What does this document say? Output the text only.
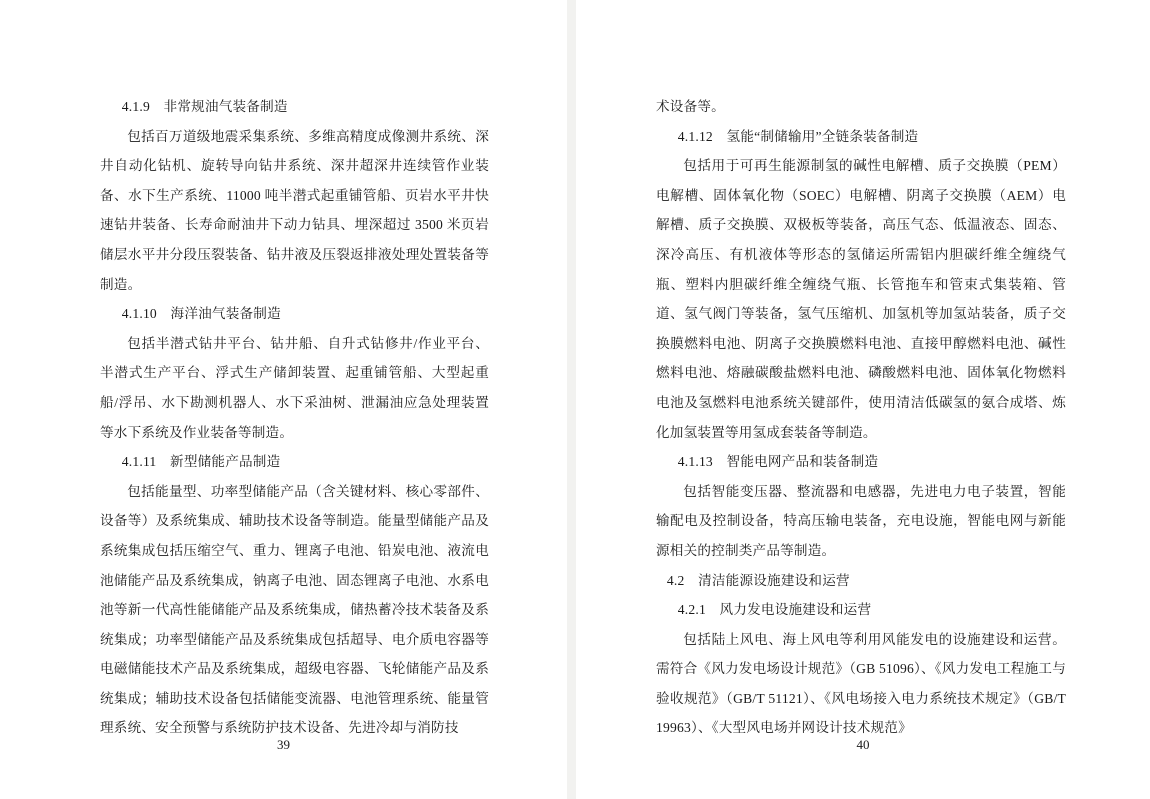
4.1.9 非常规油气装备制造

包括百万道级地震采集系统、多维高精度成像测井系统、深井自动化钻机、旋转导向钻井系统、深井超深井连续管作业装备、水下生产系统、11000 吨半潜式起重铺管船、页岩水平井快速钻井装备、长寿命耐油井下动力钻具、埋深超过 3500 米页岩储层水平井分段压裂装备、钻井液及压裂返排液处理处置装备等制造。

4.1.10 海洋油气装备制造

包括半潜式钻井平台、钻井船、自升式钻修井/作业平台、半潜式生产平台、浮式生产储卸装置、起重铺管船、大型起重船/浮吊、水下勘测机器人、水下采油树、泄漏油应急处理装置等水下系统及作业装备等制造。

4.1.11 新型储能产品制造

包括能量型、功率型储能产品（含关键材料、核心零部件、设备等）及系统集成、辅助技术设备等制造。能量型储能产品及系统集成包括压缩空气、重力、锂离子电池、铅炭电池、液流电池储能产品及系统集成，钠离子电池、固态锂离子电池、水系电池等新一代高性能储能产品及系统集成，储热蓄冷技术装备及系统集成；功率型储能产品及系统集成包括超导、电介质电容器等电磁储能技术产品及系统集成，超级电容器、飞轮储能产品及系统集成；辅助技术设备包括储能变流器、电池管理系统、能量管理系统、安全预警与系统防护技术设备、先进冷却与消防技

39

术设备等。

4.1.12 氢能“制储输用”全链条装备制造

包括用于可再生能源制氢的碱性电解槽、质子交换膜（PEM）电解槽、固体氧化物（SOEC）电解槽、阴离子交换膜（AEM）电解槽、质子交换膜、双极板等装备，高压气态、低温液态、固态、深冷高压、有机液体等形态的氢储运所需铝内胆碳纤维全缠绕气瓶、塑料内胆碳纤维全缠绕气瓶、长管拖车和管束式集装箱、管道、氢气阀门等装备，氢气压缩机、加氢机等加氢站装备，质子交换膜燃料电池、阴离子交换膜燃料电池、直接甲醇燃料电池、碱性燃料电池、熔融碳酸盐燃料电池、磷酸燃料电池、固体氧化物燃料电池及氢燃料电池系统关键部件，使用清洁低碳氢的氨合成塔、炼化加氢装置等用氢成套装备等制造。

4.1.13 智能电网产品和装备制造

包括智能变压器、整流器和电感器，先进电力电子装置，智能输配电及控制设备，特高压输电装备，充电设施，智能电网与新能源相关的控制类产品等制造。

4.2 清洁能源设施建设和运营

4.2.1 风力发电设施建设和运营

包括陆上风电、海上风电等利用风能发电的设施建设和运营。需符合《风力发电场设计规范》（GB 51096）、《风力发电工程施工与验收规范》（GB/T 51121）、《风电场接入电力系统技术规定》（GB/T 19963）、《大型风电场并网设计技术规范》

40
